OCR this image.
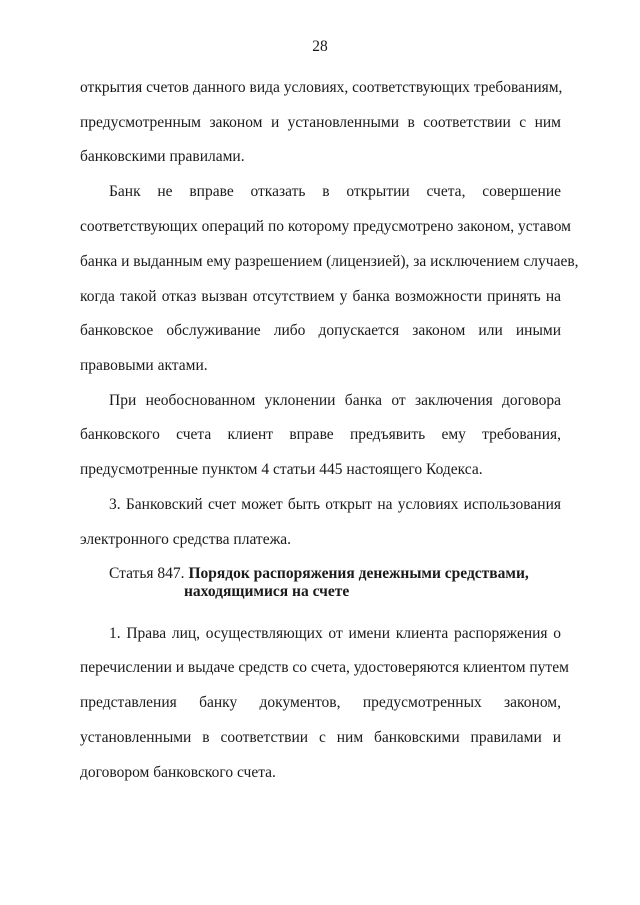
28
открытия счетов данного вида условиях, соответствующих требованиям,
предусмотренным законом и установленными в соответствии с ним
банковскими правилами.
Банк не вправе отказать в открытии счета, совершение
соответствующих операций по которому предусмотрено законом, уставом
банка и выданным ему разрешением (лицензией), за исключением случаев,
когда такой отказ вызван отсутствием у банка возможности принять на
банковское обслуживание либо допускается законом или иными
правовыми актами.
При необоснованном уклонении банка от заключения договора
банковского счета клиент вправе предъявить ему требования,
предусмотренные пунктом 4 статьи 445 настоящего Кодекса.
3. Банковский счет может быть открыт на условиях использования
электронного средства платежа.
Статья 847. Порядок распоряжения денежными средствами,
находящимися на счете
1. Права лиц, осуществляющих от имени клиента распоряжения о
перечислении и выдаче средств со счета, удостоверяются клиентом путем
представления банку документов, предусмотренных законом,
установленными в соответствии с ним банковскими правилами и
договором банковского счета.
